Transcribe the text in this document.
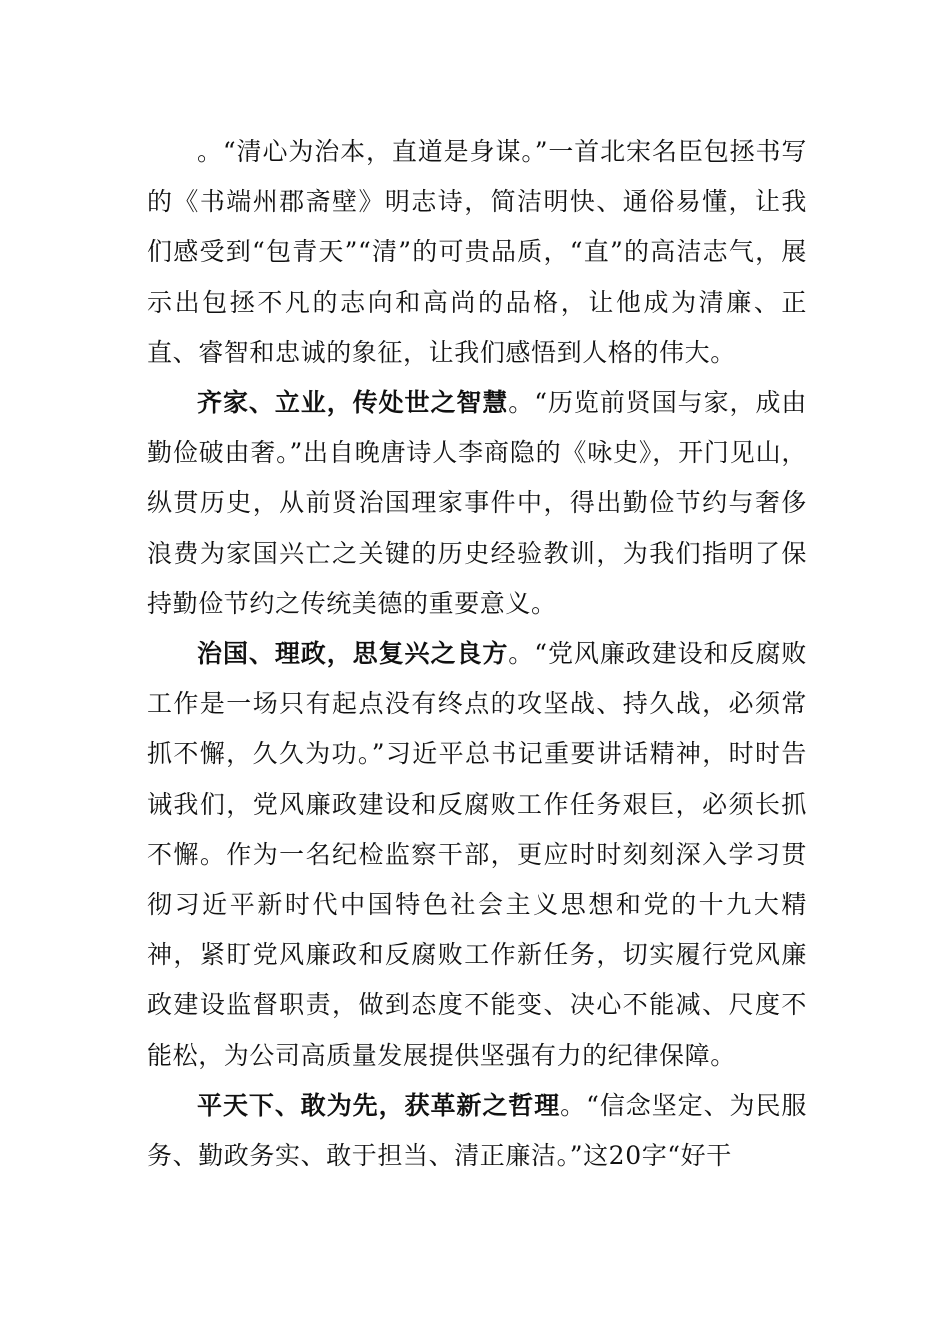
。“清心为治本，直道是身谋。”一首北宋名臣包拯书写的《书端州郡斋壁》明志诗，简洁明快、通俗易懂，让我们感受到“包青天”“清”的可贵品质，“直”的高洁志气，展示出包拯不凡的志向和高尚的品格，让他成为清廉、正直、睿智和忠诚的象征，让我们感悟到人格的伟大。

齐家、立业，传处世之智慧。“历览前贤国与家，成由勤俭破由奢。”出自晚唐诗人李商隐的《咏史》，开门见山，纵贯历史，从前贤治国理家事件中，得出勤俭节约与奢侈浪费为家国兴亡之关键的历史经验教训，为我们指明了保持勤俭节约之传统美德的重要意义。

治国、理政，思复兴之良方。“党风廉政建设和反腐败工作是一场只有起点没有终点的攻坚战、持久战，必须常抓不懈，久久为功。”习近平总书记重要讲话精神，时时告诫我们，党风廉政建设和反腐败工作任务艰巨，必须长抓不懈。作为一名纪检监察干部，更应时时刻刻深入学习贯彻习近平新时代中国特色社会主义思想和党的十九大精神，紧盯党风廉政和反腐败工作新任务，切实履行党风廉政建设监督职责，做到态度不能变、决心不能减、尺度不能松，为公司高质量发展提供坚强有力的纪律保障。

平天下、敢为先，获革新之哲理。“信念坚定、为民服务、勤政务实、敢于担当、清正廉洁。”这20字“好干
